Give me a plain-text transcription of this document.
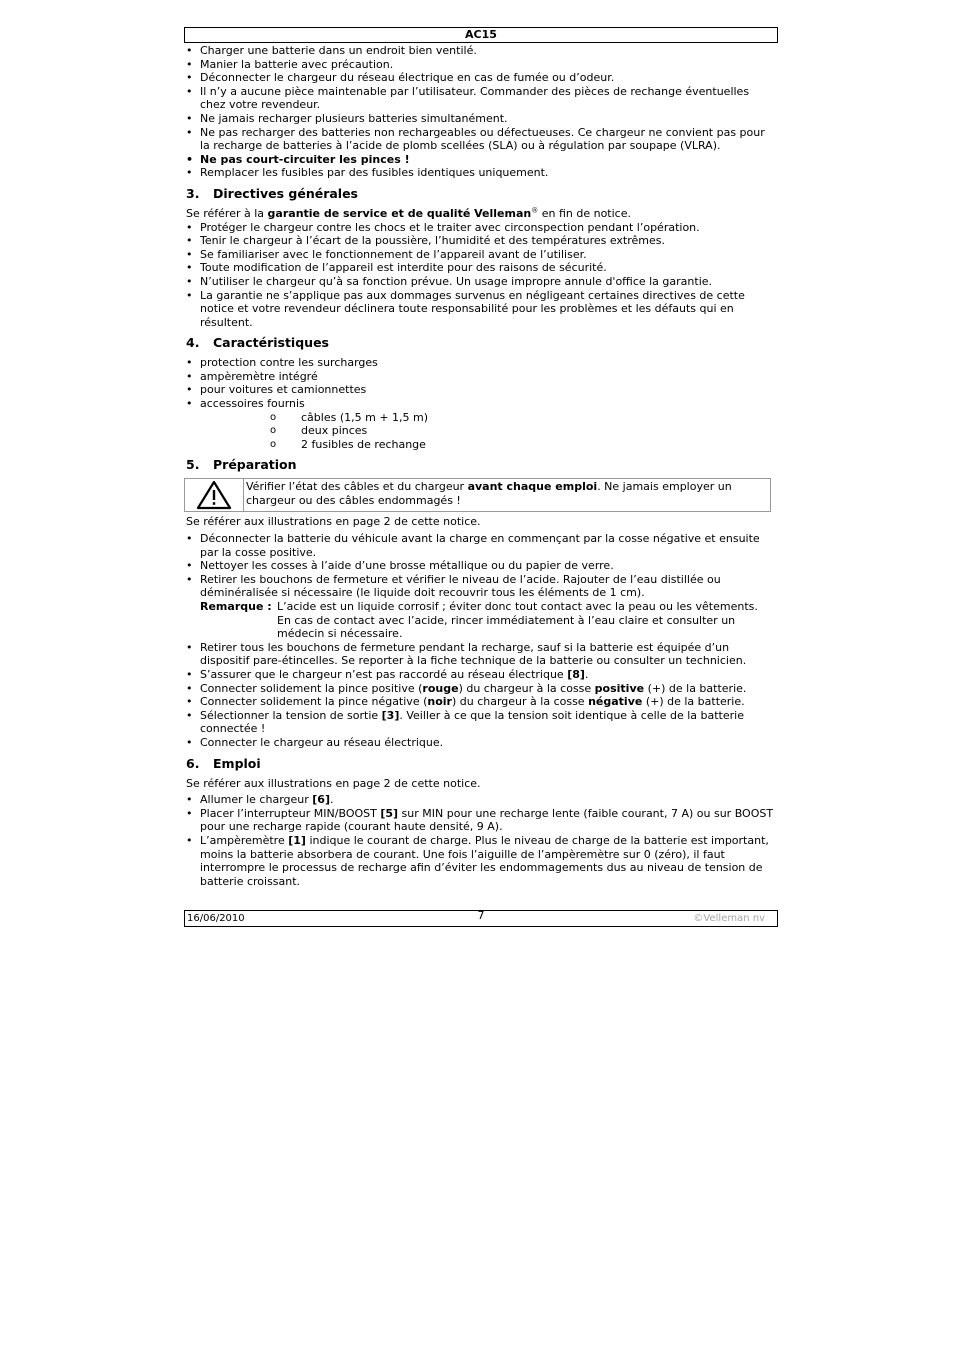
AC15
• Charger une batterie dans un endroit bien ventilé.
• Manier la batterie avec précaution.
• Déconnecter le chargeur du réseau électrique en cas de fumée ou d’odeur.
• Il n’y a aucune pièce maintenable par l’utilisateur. Commander des pièces de rechange éventuelles chez votre revendeur.
• Ne jamais recharger plusieurs batteries simultanément.
• Ne pas recharger des batteries non rechargeables ou défectueuses. Ce chargeur ne convient pas pour la recharge de batteries à l’acide de plomb scellées (SLA) ou à régulation par soupape (VLRA).
• Ne pas court-circuiter les pinces !
• Remplacer les fusibles par des fusibles identiques uniquement.
3. Directives générales

Se référer à la garantie de service et de qualité Velleman® en fin de notice.

• Protéger le chargeur contre les chocs et le traiter avec circonspection pendant l’opération.
• Tenir le chargeur à l’écart de la poussière, l’humidité et des températures extrêmes.
• Se familiariser avec le fonctionnement de l’appareil avant de l’utiliser.
• Toute modification de l’appareil est interdite pour des raisons de sécurité.
• N’utiliser le chargeur qu’à sa fonction prévue. Un usage impropre annule d'office la garantie.
• La garantie ne s’applique pas aux dommages survenus en négligeant certaines directives de cette notice et votre revendeur déclinera toute responsabilité pour les problèmes et les défauts qui en résultent.
4. Caractéristiques
• protection contre les surcharges
• ampèremètre intégré
• pour voitures et camionnettes
• accessoires fournis
o câbles (1,5 m + 1,5 m)
o deux pinces
o 2 fusibles de rechange
5. Préparation
Vérifier l’état des câbles et du chargeur avant chaque emploi. Ne jamais employer un chargeur ou des câbles endommagés !

Se référer aux illustrations en page 2 de cette notice.

• Déconnecter la batterie du véhicule avant la charge en commençant par la cosse négative et ensuite par la cosse positive.
• Nettoyer les cosses à l’aide d’une brosse métallique ou du papier de verre.
• Retirer les bouchons de fermeture et vérifier le niveau de l’acide. Rajouter de l’eau distillée ou déminéralisée si nécessaire (le liquide doit recouvrir tous les éléments de 1 cm).
Remarque : L’acide est un liquide corrosif ; éviter donc tout contact avec la peau ou les vêtements. En cas de contact avec l’acide, rincer immédiatement à l’eau claire et consulter un médecin si nécessaire.
• Retirer tous les bouchons de fermeture pendant la recharge, sauf si la batterie est équipée d’un dispositif pare-étincelles. Se reporter à la fiche technique de la batterie ou consulter un technicien.
• S’assurer que le chargeur n’est pas raccordé au réseau électrique [8].
• Connecter solidement la pince positive (rouge) du chargeur à la cosse positive (+) de la batterie.
• Connecter solidement la pince négative (noir) du chargeur à la cosse négative (+) de la batterie.
• Sélectionner la tension de sortie [3]. Veiller à ce que la tension soit identique à celle de la batterie connectée !
• Connecter le chargeur au réseau électrique.
6. Emploi

Se référer aux illustrations en page 2 de cette notice.

• Allumer le chargeur [6].
• Placer l’interrupteur MIN/BOOST [5] sur MIN pour une recharge lente (faible courant, 7 A) ou sur BOOST pour une recharge rapide (courant haute densité, 9 A).
• L’ampèremètre [1] indique le courant de charge. Plus le niveau de charge de la batterie est important, moins la batterie absorbera de courant. Une fois l’aiguille de l’ampèremètre sur 0 (zéro), il faut interrompre le processus de recharge afin d’éviter les endommagements dus au niveau de tension de batterie croissant.
16/06/2010	7	©Velleman nv
